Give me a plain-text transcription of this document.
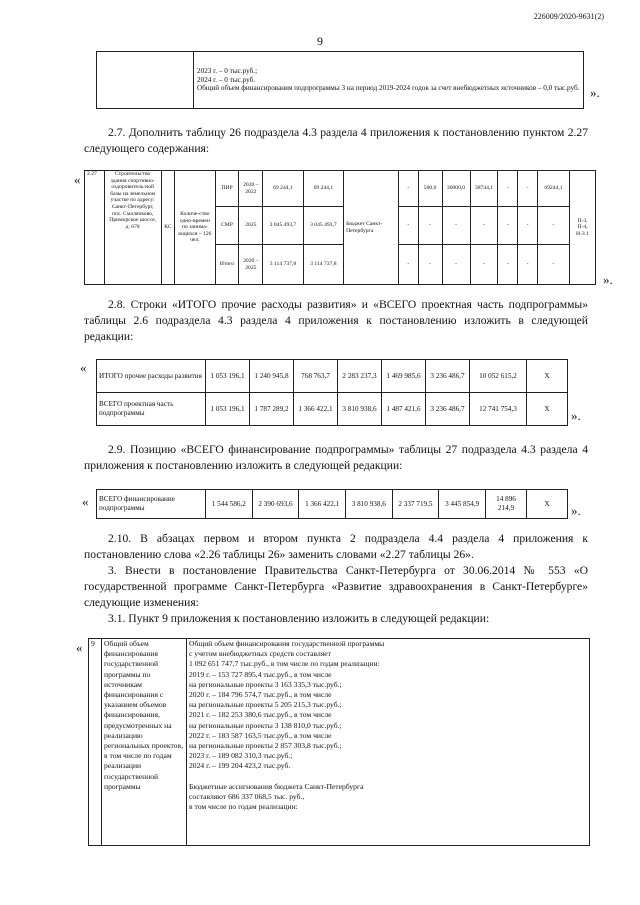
226009/2020-9631(2)
9

2023 г. – 0 тыс.руб.;
2024 г. – 0 тыс.руб.
Общий объем финансирования подпрограммы 3 на период 2019-2024 годов за счет внебюджетных источников – 0,0 тыс.руб. ».
2.7. Дополнить таблицу 26 подраздела 4.3 раздела 4 приложения к постановлению пунктом 2.27 следующего содержания:
« 2.27	Строительство здания спортивно-оздоровитель-ной базы на земельном участке по адресу: Санкт-Петербург, пос. Смолячково, Приморское шоссе, д. 678	КС	Количе-ство одно-времен по занима-ющихся – 126 чел.	ПИР	2020 – 2022	69 244,1	69 244,1	Бюджет Санкт-Петербурга	-	500,0	30000,0	38744,1	-	-	69244,1	П-3, П-4, И-3.1
				СМР	2025	3 045 493,7	3 045 493,7		-	-	-	-	-	-	-	
				Итого	2020 – 2025	3 114 737,8	3 114 737,8		-	-	-	-	-	-	-	
».
2.8. Строки «ИТОГО прочие расходы развития» и «ВСЕГО проектная часть подпрограммы» таблицы 2.6 подраздела 4.3 раздела 4 приложения к постановлению изложить в следующей редакции:
«
ИТОГО прочие расходы развития	1 053 196,1	1 240 945,8	768 763,7	2 283 237,3	1 469 985,6	3 236 486,7	10 052 615,2	X
ВСЕГО проектная часть подпрограммы	1 053 196,1	1 787 289,2	1 366 422,1	3 810 938,6	1 487 421,6	3 236 486,7	12 741 754,3	X ».
2.9. Позицию «ВСЕГО финансирование подпрограммы» таблицы 27 подраздела 4.3 раздела 4 приложения к постановлению изложить в следующей редакции:
« ВСЕГО финансирование подпрограммы	1 544 586,2	2 390 693,6	1 366 422,1	3 810 938,6	2 337 719,5	3 445 854,9	14 896 214,9	X ».
2.10. В абзацах первом и втором пункта 2 подраздела 4.4 раздела 4 приложения к постановлению слова «2.26 таблицы 26» заменить словами «2.27 таблицы 26».
3. Внести в постановление Правительства Санкт-Петербурга от 30.06.2014 № 553 «О государственной программе Санкт-Петербурга «Развитие здравоохранения в Санкт-Петербурге» следующие изменения:
3.1. Пункт 9 приложения к постановлению изложить в следующей редакции:
« 9	Общий объем финансирования государственной программы по источникам финансирования с указанием объемов финансирования, предусмотренных на реализацию региональных проектов, в том числе по годам реализации государственной программы	
Общий объем финансирования государственной программы
с учетом внебюджетных средств составляет
1 092 651 747,7 тыс.руб., в том числе по годам реализации:
2019 г. – 153 727 895,4 тыс.руб., в том числе
на региональные проекты 3 163 335,3 тыс.руб.;
2020 г. – 184 796 574,7 тыс.руб., в том числе
на региональные проекты 5 205 215,3 тыс.руб.;
2021 г. – 182 253 380,6 тыс.руб., в том числе
на региональные проекты 3 138 810,0 тыс.руб.;
2022 г. – 183 587 163,5 тыс.руб., в том числе
на региональные проекты 2 857 303,8 тыс.руб.;
2023 г. – 189 082 310,3 тыс.руб.;
2024 г. – 199 204 423,2 тыс.руб.
Бюджетные ассигнования бюджета Санкт-Петербурга
составляют 686 337 068,5 тыс. руб.,
в том числе по годам реализации:
